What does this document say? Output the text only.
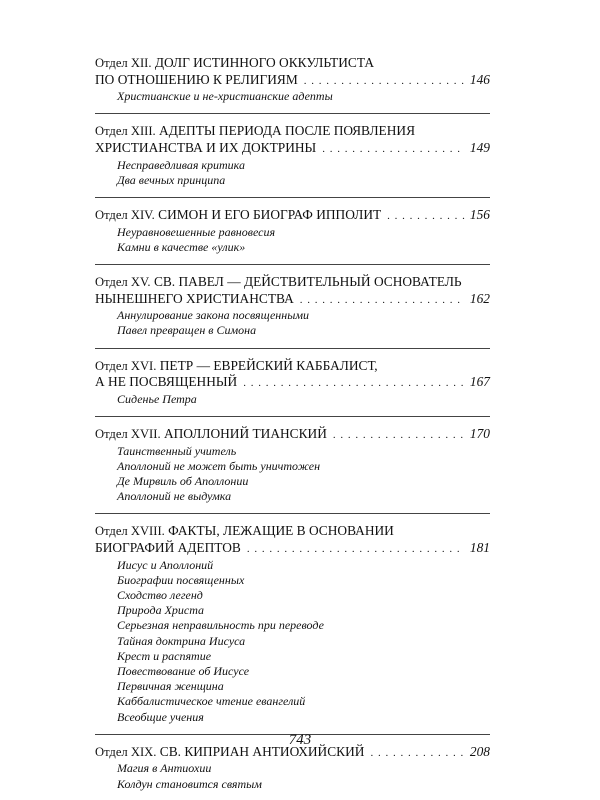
Отдел XII. ДОЛГ ИСТИННОГО ОККУЛЬТИСТА
ПО ОТНОШЕНИЮ К РЕЛИГИЯМ . . .	146
Христианские и не-христианские адепты
Отдел XIII. АДЕПТЫ ПЕРИОДА ПОСЛЕ ПОЯВЛЕНИЯ
ХРИСТИАНСТВА И ИХ ДОКТРИНЫ . . .	149
Несправедливая критика
Два вечных принципа
Отдел XIV. СИМОН И ЕГО БИОГРАФ ИППОЛИТ . . .	156
Неуравновешенные равновесия
Камни в качестве «улик»
Отдел XV. СВ. ПАВЕЛ — ДЕЙСТВИТЕЛЬНЫЙ ОСНОВАТЕЛЬ
НЫНЕШНЕГО ХРИСТИАНСТВА . . .	162
Аннулирование закона посвященными
Павел превращен в Симона
Отдел XVI. ПЕТР — ЕВРЕЙСКИЙ КАББАЛИСТ,
А НЕ ПОСВЯЩЕННЫЙ . . .	167
Сиденье Петра
Отдел XVII. АПОЛЛОНИЙ ТИАНСКИЙ . . .	170
Таинственный учитель
Аполлоний не может быть уничтожен
Де Мирвиль об Аполлонии
Аполлоний не выдумка
Отдел XVIII. ФАКТЫ, ЛЕЖАЩИЕ В ОСНОВАНИИ
БИОГРАФИЙ АДЕПТОВ . . .	181
Иисус и Аполлоний
Биографии посвященных
Сходство легенд
Природа Христа
Серьезная неправильность при переводе
Тайная доктрина Иисуса
Крест и распятие
Повествование об Иисусе
Первичная женщина
Каббалистическое чтение евангелий
Всеобщие учения
Отдел XIX. СВ. КИПРИАН АНТИОХИЙСКИЙ . . .	208
Магия в Антиохии
Колдун становится святым
743
